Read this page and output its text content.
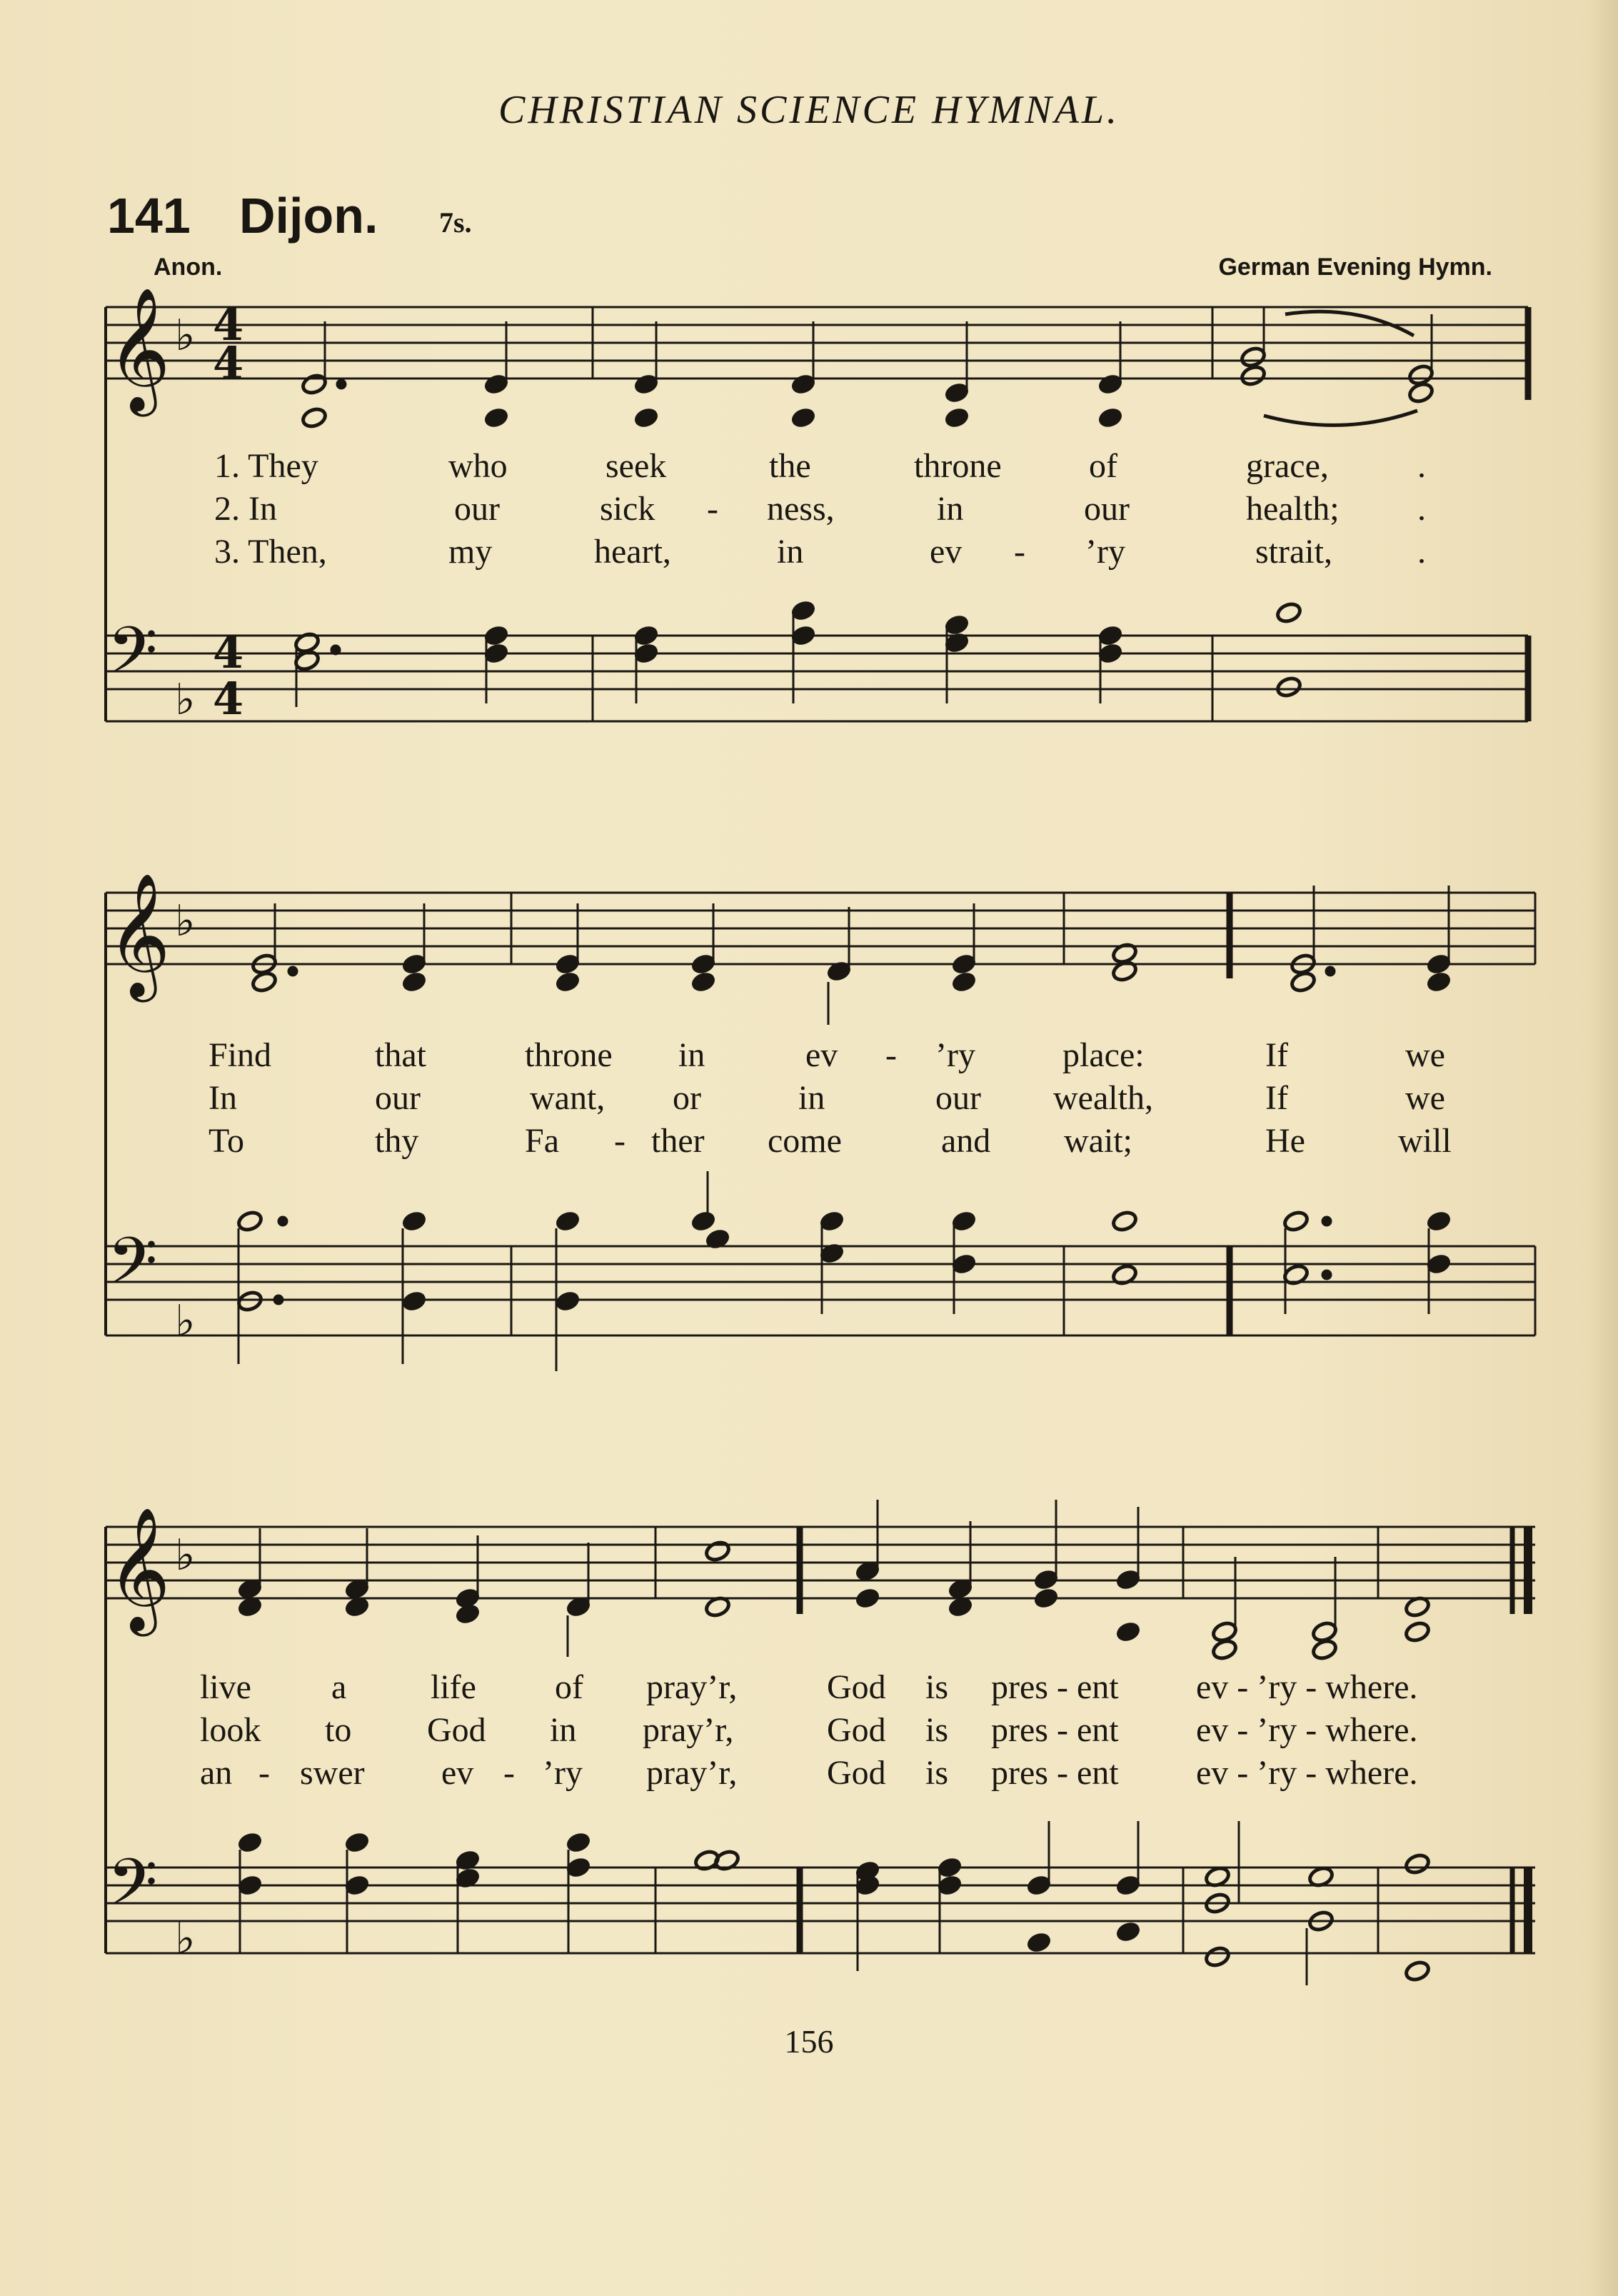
CHRISTIAN SCIENCE HYMNAL.
141 Dijon. 7s.
Anon.	German Evening Hymn.
𝄞 ♭ 4
4
𝄢 ♭
4
4
𝄞 ♭
𝄢
♭
𝄞 ♭
𝄢
♭
1. They	who	seek	the	throne	of	grace,	.
2. In	our	sick - ness,	in	our	health; .
3. Then,	my	heart,	in	ev - ’ry	strait, .
Find	that	throne in	ev - ’ry	place:	If	we
In	our	want, or	in	our wealth,	If	we
To	thy	Fa - ther come	and wait;	He	will
live a life of pray’r,	God is pres - ent ev - ’ry - where.
look to God in pray’r,	God is pres - ent ev - ’ry - where.
an - swer ev - ’ry pray’r,	God is pres - ent ev - ’ry - where.
156
